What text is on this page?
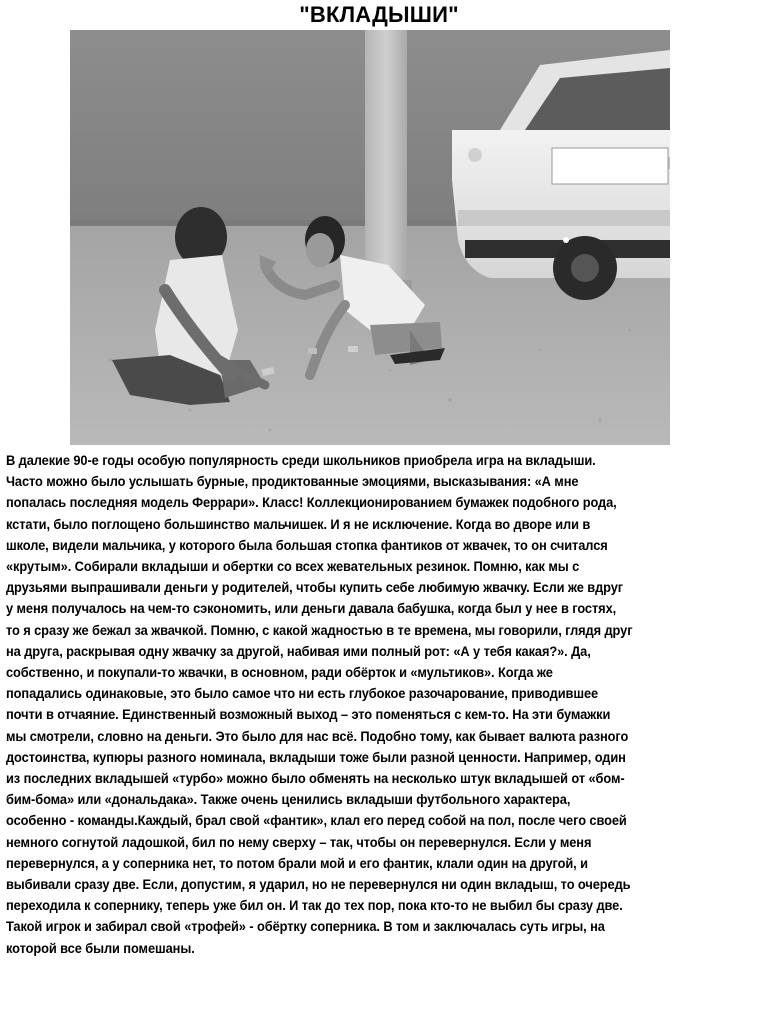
"ВКЛАДЫШИ"

В далекие 90-е годы особую популярность среди школьников приобрела игра на вкладыши.
Часто можно было услышать бурные, продиктованные эмоциями, высказывания: «А мне
попалась последняя модель Феррари». Класс! Коллекционированием бумажек подобного рода,
кстати, было поглощено большинство мальчишек. И я не исключение. Когда во дворе или в
школе, видели мальчика, у которого была большая стопка фантиков от жвачек, то он считался
«крутым». Собирали вкладыши и обертки со всех жевательных резинок. Помню, как мы с
друзьями выпрашивали деньги у родителей, чтобы купить себе любимую жвачку. Если же вдруг
у меня получалось на чем-то сэкономить, или деньги давала бабушка, когда был у нее в гостях,
то я сразу же бежал за жвачкой. Помню, с какой жадностью в те времена, мы говорили, глядя друг
на друга, раскрывая одну жвачку за другой, набивая ими полный рот: «А у тебя какая?». Да,
собственно, и покупали-то жвачки, в основном, ради обёрток и «мультиков». Когда же
попадались одинаковые, это было самое что ни есть глубокое разочарование, приводившее
почти в отчаяние. Единственный возможный выход – это поменяться с кем-то. На эти бумажки
мы смотрели, словно на деньги. Это было для нас всё. Подобно тому, как бывает валюта разного
достоинства, купюры разного номинала, вкладыши тоже были разной ценности. Например, один
из последних вкладышей «турбо» можно было обменять на несколько штук вкладышей от «бом-
бим-бома» или «донaльдака». Также очень ценились вкладыши футбольного характера,
особенно - команды.Каждый, брал свой «фантик», клал его перед собой на пол, после чего своей
немного согнутой ладошкой, бил по нему сверху – так, чтобы он перевернулся. Если у меня
перевернулся, а у соперника нет, то потом брали мой и его фантик, клали один на другой, и
выбивали сразу две. Если, допустим, я ударил, но не перевернулся ни один вкладыш, то очередь
переходила к сопернику, теперь уже бил он. И так до тех пор, пока кто-то не выбил бы сразу две.
Такой игрок и забирал свой «трофей» - обёртку соперника. В том и заключалась суть игры, на
которой все были помешаны.
